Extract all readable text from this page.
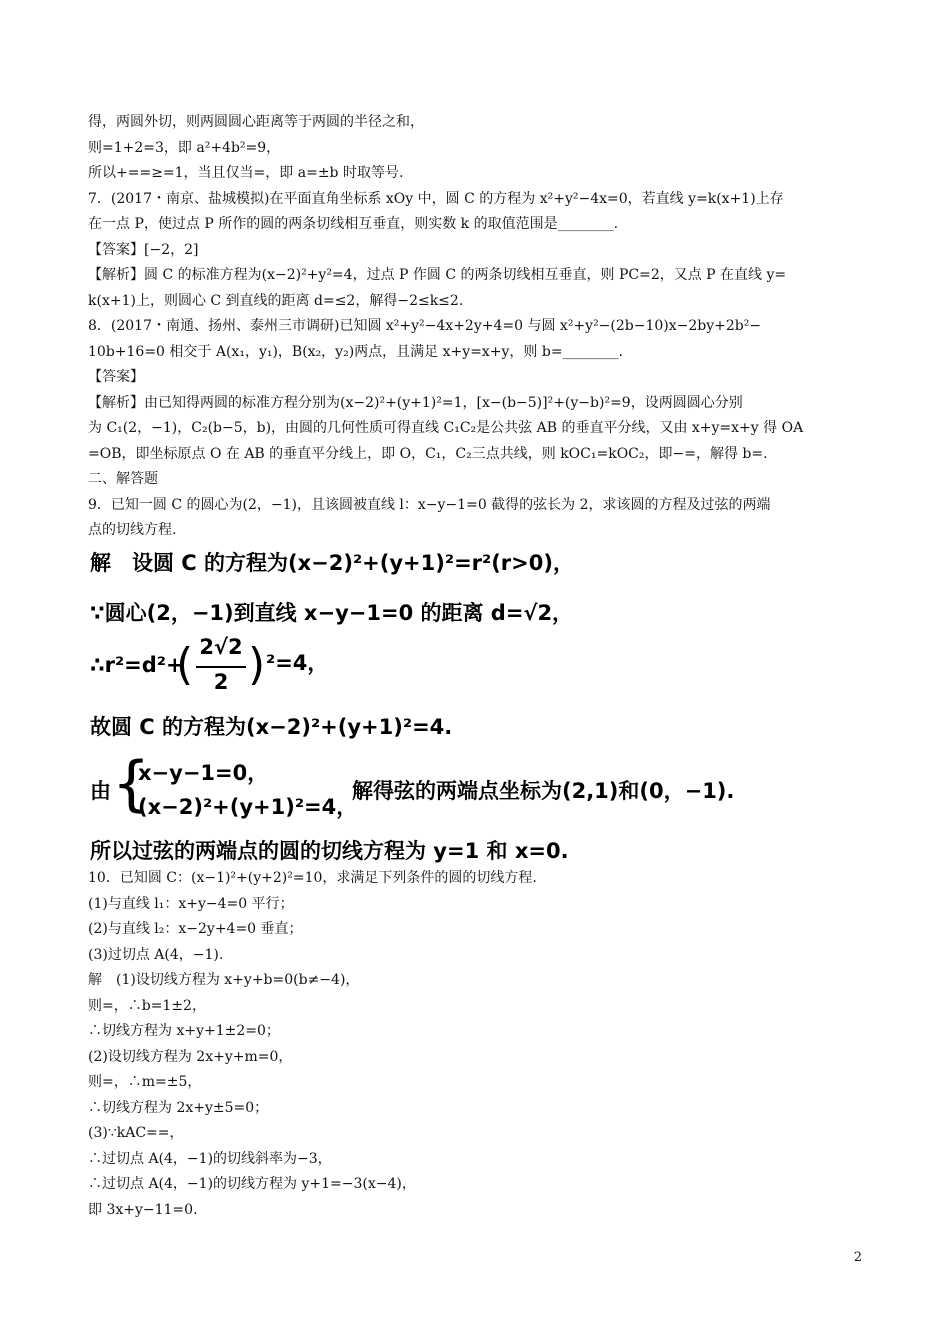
得，两圆外切，则两圆圆心距离等于两圆的半径之和，
则=1+2=3，即 a²+4b²=9，
所以+==≥=1，当且仅当=，即 a=±b 时取等号.
7．(2017・南京、盐城模拟)在平面直角坐标系 xOy 中，圆 C 的方程为 x²+y²−4x=0，若直线 y=k(x+1)上存
在一点 P，使过点 P 所作的圆的两条切线相互垂直，则实数 k 的取值范围是________.
【答案】[−2，2]
【解析】圆 C 的标准方程为(x−2)²+y²=4，过点 P 作圆 C 的两条切线相互垂直，则 PC=2，又点 P 在直线 y=
k(x+1)上，则圆心 C 到直线的距离 d=≤2，解得−2≤k≤2.
8．(2017・南通、扬州、泰州三市调研)已知圆 x²+y²−4x+2y+4=0 与圆 x²+y²−(2b−10)x−2by+2b²−
10b+16=0 相交于 A(x₁，y₁)，B(x₂，y₂)两点，且满足 x+y=x+y，则 b=________.
【答案】
【解析】由已知得两圆的标准方程分别为(x−2)²+(y+1)²=1，[x−(b−5)]²+(y−b)²=9，设两圆圆心分别
为 C₁(2，−1)，C₂(b−5，b)，由圆的几何性质可得直线 C₁C₂是公共弦 AB 的垂直平分线，又由 x+y=x+y 得 OA
=OB，即坐标原点 O 在 AB 的垂直平分线上，即 O，C₁，C₂三点共线，则 kOC₁=kOC₂，即−=，解得 b=.
二、解答题
9．已知一圆 C 的圆心为(2，−1)，且该圆被直线 l：x−y−1=0 截得的弦长为 2，求该圆的方程及过弦的两端
点的切线方程.
解　设圆 C 的方程为(x−2)²+(y+1)²=r²(r>0)，
∵圆心(2，−1)到直线 x−y−1=0 的距离 d=√2，
∴r²=d²+
( 2√2
2 ) ²=4，
故圆 C 的方程为(x−2)²+(y+1)²=4.
由 {
x−y−1=0，
(x−2)²+(y+1)²=4，
解得弦的两端点坐标为(2,1)和(0，−1).
所以过弦的两端点的圆的切线方程为 y=1 和 x=0.
10．已知圆 C：(x−1)²+(y+2)²=10，求满足下列条件的圆的切线方程.
(1)与直线 l₁：x+y−4=0 平行；
(2)与直线 l₂：x−2y+4=0 垂直；
(3)过切点 A(4，−1).
解　(1)设切线方程为 x+y+b=0(b≠−4)，
则=，∴b=1±2，
∴切线方程为 x+y+1±2=0；
(2)设切线方程为 2x+y+m=0，
则=，∴m=±5，
∴切线方程为 2x+y±5=0；
(3)∵kAC==，
∴过切点 A(4，−1)的切线斜率为−3，
∴过切点 A(4，−1)的切线方程为 y+1=−3(x−4)，
即 3x+y−11=0.
2
